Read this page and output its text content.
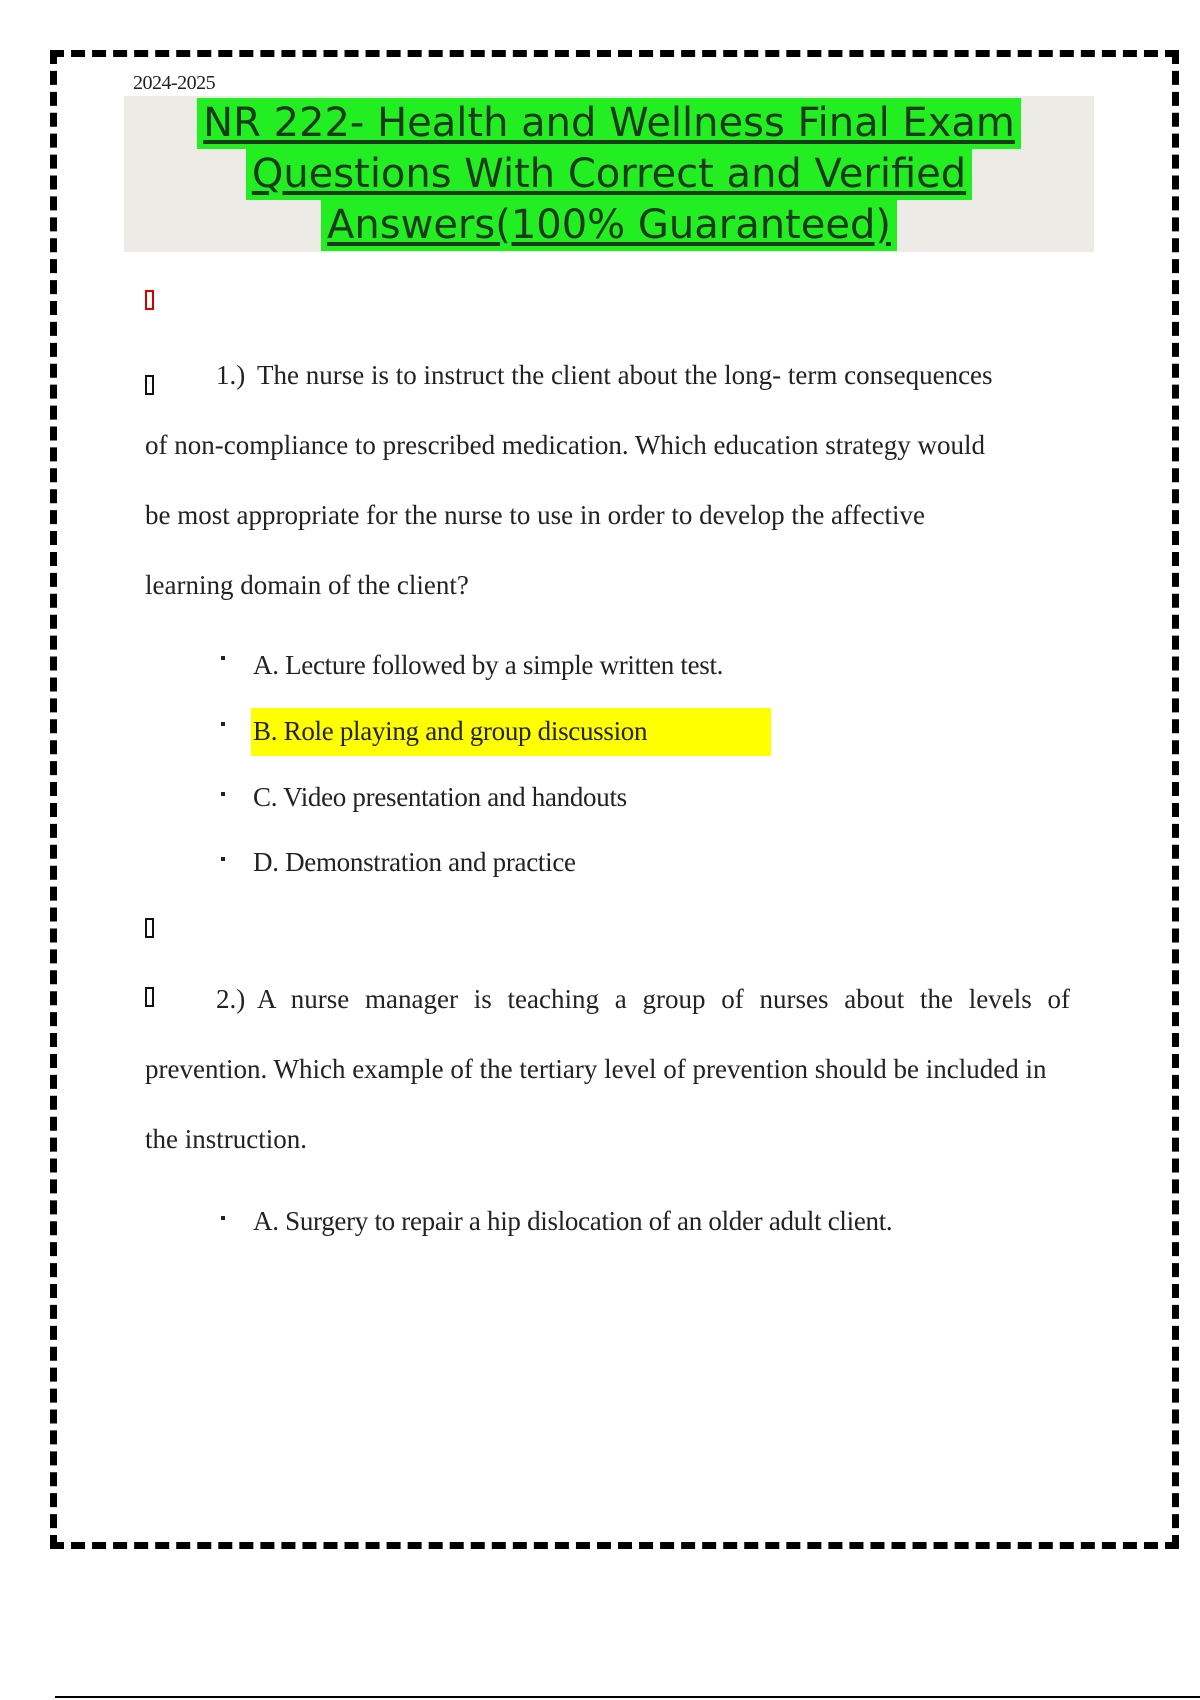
2024-2025
NR 222- Health and Wellness Final Exam
Questions With Correct and Verified
Answers(100% Guaranteed)
1.) The nurse is to instruct the client about the long- term consequences
of non-compliance to prescribed medication. Which education strategy would
be most appropriate for the nurse to use in order to develop the affective
learning domain of the client?
A. Lecture followed by a simple written test.
B. Role playing and group discussion
C. Video presentation and handouts
D. Demonstration and practice
2.) A nurse manager is teaching a group of nurses about the levels of
prevention. Which example of the tertiary level of prevention should be included in
the instruction.
A. Surgery to repair a hip dislocation of an older adult client.
